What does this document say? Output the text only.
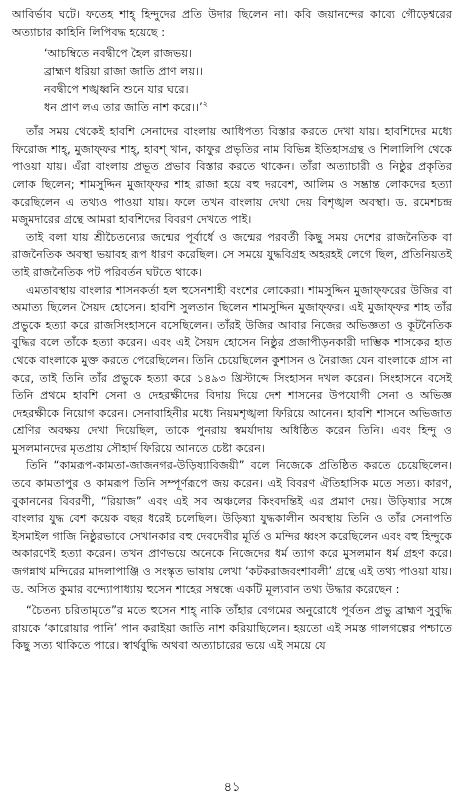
আবির্ভাব ঘটে। ফতেহ শাহ্ হিন্দুদের প্রতি উদার ছিলেন না। কবি জয়ানন্দের কাব্যে গৌড়েশ্বরের অত্যাচার কাহিনি লিপিবদ্ধ হয়েছে :

‘আচম্বিতে নবদ্বীপে হৈল রাজভয়।
ব্রাহ্মণ ধরিয়া রাজা জাতি প্রাণ লয়।।
নবদ্বীপে শঙ্খধ্বনি শুনে যার ঘরে।
ধন প্রাণ লএ তার জাতি নাশ করে।।’$^২$

তাঁর সময় থেকেই হাবশি সেনাদের বাংলায় আধিপত্য বিস্তার করতে দেখা যায়। হাবশিদের মধ্যে ফিরোজ শাহ্, মুজাফ্ফর শাহ্, হাবশ্ খান, কাফুর প্রভৃতির নাম বিভিন্ন ইতিহাসগ্রন্থ ও শিলালিপি থেকে পাওয়া যায়। এঁরা বাংলায় প্রভূত প্রভাব বিস্তার করতে থাকেন। তাঁরা অত্যাচারী ও নিষ্ঠুর প্রকৃতির লোক ছিলেন; শামসুদ্দিন মুজাফ্ফর শাহ রাজা হয়ে বহু দরবেশ, আলিম ও সম্ভ্রান্ত লোকদের হত্যা করেছিলেন এ তথ্যও পাওয়া যায়। ফলে তখন বাংলায় দেখা দেয় বিশৃঙ্খল অবস্থা। ড. রমেশচন্দ্র মজুমদারের গ্রন্থে আমরা হাবশিদের বিবরণ দেখতে পাই।

তাই বলা যায় শ্রীচৈতন্যের জন্মের পূর্বার্ধে ও জন্মের পরবর্তী কিছু সময় দেশের রাজনৈতিক বা রাজনৈতিক অবস্থা ভয়াবহ রূপ ধারণ করেছিল। সে সময়ে যুদ্ধবিগ্রহ অহরহই লেগে ছিল, প্রতিনিয়তই তাই রাজনৈতিক পট পরিবর্তন ঘটতে থাকে।

এমতাবস্থায় বাংলার শাসনকর্তা হল হুসেনশাহী বংশের লোকেরা। শামসুদ্দিন মুজাফ্ফরের উজির বা অমাত্য ছিলেন সৈয়দ হোসেন। হাবশি সুলতান ছিলেন শামসুদ্দিন মুজাফ্ফর। এই মুজাফ্ফর শাহ তাঁর প্রভুকে হত্যা করে রাজসিংহাসনে বসেছিলেন। তাঁরই উজির আবার নিজের অভিজ্ঞতা ও কূটনৈতিক বুদ্ধির বলে তাঁকে হত্যা করেন। এবং এই সৈয়দ হোসেন নিষ্ঠুর প্রজাপীড়নকারী দাম্ভিক শাসকের হাত থেকে বাংলাকে মুক্ত করতে পেরেছিলেন। তিনি চেয়েছিলেন কুশাসন ও নৈরাজ্য যেন বাংলাকে গ্রাস না করে, তাই তিনি তাঁর প্রভুকে হত্যা করে ১৪৯৩ খ্রিস্টাব্দে সিংহাসন দখল করেন। সিংহাসনে বসেই তিনি প্রথমে হাবশি সেনা ও দেহরক্ষীদের বিদায় দিয়ে দেশ শাসনের উপযোগী সেনা ও অভিজ্ঞ দেহরক্ষীকে নিয়োগ করেন। সেনাবাহিনীর মধ্যে নিয়মশৃঙ্খলা ফিরিয়ে আনেন। হাবশি শাসনে অভিজাত শ্রেণির অবক্ষয় দেখা দিয়েছিল, তাকে পুনরায় স্বমর্যাদায় অধিষ্ঠিত করেন তিনি। এবং হিন্দু ও মুসলমানদের মৃতপ্রায় সৌহার্দ ফিরিয়ে আনতে চেষ্টা করেন।

তিনি “কামরূপ-কামতা-জাজনগর-উড়িষ্যাবিজয়ী” বলে নিজেকে প্রতিষ্ঠিত করতে চেয়েছিলেন। তবে কামতাপুর ও কামরূপ তিনি সম্পূর্ণরূপে জয় করেন। এই বিবরণ ঐতিহাসিক মতে সত্য। কারণ, বুকাননের বিবরণী, “রিয়াজ” এবং এই সব অঞ্চলের কিংবদন্তিই এর প্রমাণ দেয়। উড়িষ্যার সঙ্গে বাংলার যুদ্ধ বেশ কয়েক বছর ধরেই চলেছিল। উড়িষ্যা যুদ্ধকালীন অবস্থায় তিনি ও তাঁর সেনাপতি ইসমাইল গাজি নিষ্ঠুরভাবে সেখানকার বহু দেবদেবীর মূর্তি ও মন্দির ধ্বংস করেছিলেন এবং বহু হিন্দুকে অকারণেই হত্যা করেন। তখন প্রাণভয়ে অনেকে নিজেদের ধর্ম ত্যাগ করে মুসলমান ধর্ম গ্রহণ করে। জগন্নাথ মন্দিরের মাদলাপাঞ্জি ও সংস্কৃত ভাষায় লেখা ‘কটকরাজবংশাবলী’ গ্রন্থে এই তথ্য পাওয়া যায়। ড. অসিত কুমার বন্দ্যোপাধ্যায় হুসেন শাহের সম্বন্ধে একটি মূল্যবান তথ্য উদ্ধার করেছেন :

“চৈতন্য চরিতামৃতে”র মতে হুসেন শাহ্ নাকি তাঁহার বেগমের অনুরোধে পূর্বতন প্রভু ব্রাহ্মণ সুবুদ্ধি রায়কে ‘কারোয়ার পানি’ পান করাইয়া জাতি নাশ করিয়াছিলেন। হয়তো এই সমস্ত গালগল্পের পশ্চাতে কিছু সত্য থাকিতে পারে। স্বার্থবুদ্ধি অথবা অত্যাচারের ভয়ে এই সময়ে যে

৪১
